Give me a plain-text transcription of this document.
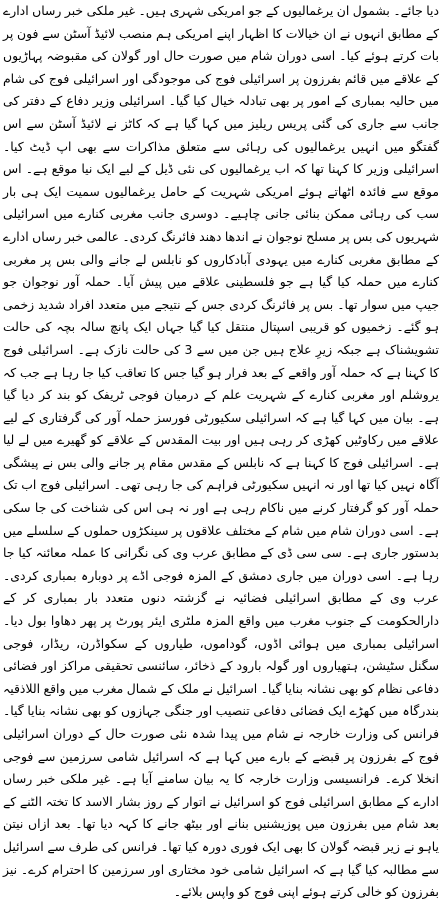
دیا جائے۔ بشمول ان یرغمالیوں کے جو امریکی شہری ہیں۔ غیر ملکی خبر رساں ادارے کے مطابق انہوں نے ان خیالات کا اظہار اپنے امریکی ہم منصب لائیڈ آسٹن سے فون پر بات کرتے ہوئے کیا۔ اسی دوران شام میں صورت حال اور گولان کی مقبوضہ پہاڑیوں کے علاقے میں قائم بفرزون پر اسرائیلی فوج کی موجودگی اور اسرائیلی فوج کی شام میں حالیہ بمباری کے امور پر بھی تبادلہ خیال کیا گیا۔ اسرائیلی وزیر دفاع کے دفتر کی جانب سے جاری کی گئی پریس ریلیز میں کہا گیا ہے کہ کاٹز نے لائیڈ آسٹن سے اس گفتگو میں انہیں یرغمالیوں کی رہائی سے متعلق مذاکرات سے بھی اپ ڈیٹ کیا۔ اسرائیلی وزیر کا کہنا تھا کہ اب یرغمالیوں کی نئی ڈیل کے لیے ایک نیا موقع ہے۔ اس موقع سے فائدہ اٹھاتے ہوئے امریکی شہریت کے حامل یرغمالیوں سمیت ایک ہی بار سب کی رہائی ممکن بنائی جانی چاہیے۔ دوسری جانب مغربی کنارے میں اسرائیلی شہریوں کی بس پر مسلح نوجوان نے اندھا دھند فائرنگ کردی۔ عالمی خبر رساں ادارے کے مطابق مغربی کنارے میں یہودی آبادکاروں کو نابلس لے جانے والی بس پر مغربی کنارے میں حملہ کیا گیا ہے جو فلسطینی علاقے میں پیش آیا۔ حملہ آور نوجوان جو جیپ میں سوار تھا۔ بس پر فائرنگ کردی جس کے نتیجے میں متعدد افراد شدید زخمی ہو گئے۔ زخمیوں کو قریبی اسپتال منتقل کیا گیا جہاں ایک پانچ سالہ بچہ کی حالت تشویشناک ہے جبکہ زیرِ علاج ہیں جن میں سے 3 کی حالت نازک ہے۔ اسرائیلی فوج کا کہنا ہے کہ حملہ آور واقعے کے بعد فرار ہو گیا جس کا تعاقب کیا جا رہا ہے جب کہ یروشلم اور مغربی کنارے کے شہریت علم کے درمیان فوجی ٹریفک کو بند کر دیا گیا ہے۔ بیان میں کہا گیا ہے کہ اسرائیلی سکیورٹی فورسز حملہ آور کی گرفتاری کے لیے علاقے میں رکاوٹیں کھڑی کر رہی ہیں اور بیت المقدس کے علاقے کو گھیرے میں لے لیا ہے۔ اسرائیلی فوج کا کہنا ہے کہ نابلس کے مقدس مقام پر جانے والی بس نے پیشگی آگاہ نہیں کیا تھا اور نہ انہیں سکیورٹی فراہم کی جا رہی تھی۔ اسرائیلی فوج اب تک حملہ آور کو گرفتار کرنے میں ناکام رہی ہے اور نہ ہی اس کی شناخت کی جا سکی ہے۔ اسی دوران شام میں شام کے مختلف علاقوں پر سینکڑوں حملوں کے سلسلے میں بدستور جاری ہے۔ سی سی ڈی کے مطابق عرب وی کی نگرانی کا عملہ معائنہ کیا جا رہا ہے۔ اسی دوران میں جاری دمشق کے المزہ فوجی اڈے پر دوبارہ بمباری کردی۔ عرب وی کے مطابق اسرائیلی فضائیہ نے گزشتہ دنوں متعدد بار بمباری کر کے دارالحکومت کے جنوب مغرب میں واقع المزہ ملٹری ایئر پورٹ پر پھر دھاوا بول دیا۔ اسرائیلی بمباری میں ہوائی اڈوں، گوداموں، طیاروں کے سکواڈرن، ریڈار، فوجی سگنل سٹیشن، ہتھیاروں اور گولہ بارود کے ذخائر، سائنسی تحقیقی مراکز اور فضائی دفاعی نظام کو بھی نشانہ بنایا گیا۔ اسرائیل نے ملک کے شمال مغرب میں واقع اللاذقیہ بندرگاہ میں کھڑے ایک فضائی دفاعی تنصیب اور جنگی جہازوں کو بھی نشانہ بنایا گیا۔ فرانس کی وزارت خارجہ نے شام میں پیدا شدہ نئی صورت حال کے دوران اسرائیلی فوج کے بفرزون پر قبضے کے بارے میں کہا ہے کہ اسرائیل شامی سرزمین سے فوجی انخلا کرے۔ فرانسیسی وزارت خارجہ کا یہ بیان سامنے آیا ہے۔ غیر ملکی خبر رساں ادارے کے مطابق اسرائیلی فوج کو اسرائیل نے اتوار کے روز بشار الاسد کا تختہ الٹنے کے بعد شام میں بفرزون میں پوزیشنیں بنانے اور بیٹھ جانے کا کہہ دیا تھا۔ بعد ازاں نیتن یاہو نے زیر قبضہ گولان کا بھی ایک فوری دورہ کیا تھا۔ فرانس کی طرف سے اسرائیل سے مطالبہ کیا گیا ہے کہ اسرائیل شامی خود مختاری اور سرزمین کا احترام کرے۔ نیز بفرزون کو خالی کرتے ہوئے اپنی فوج کو واپس بلائے۔
